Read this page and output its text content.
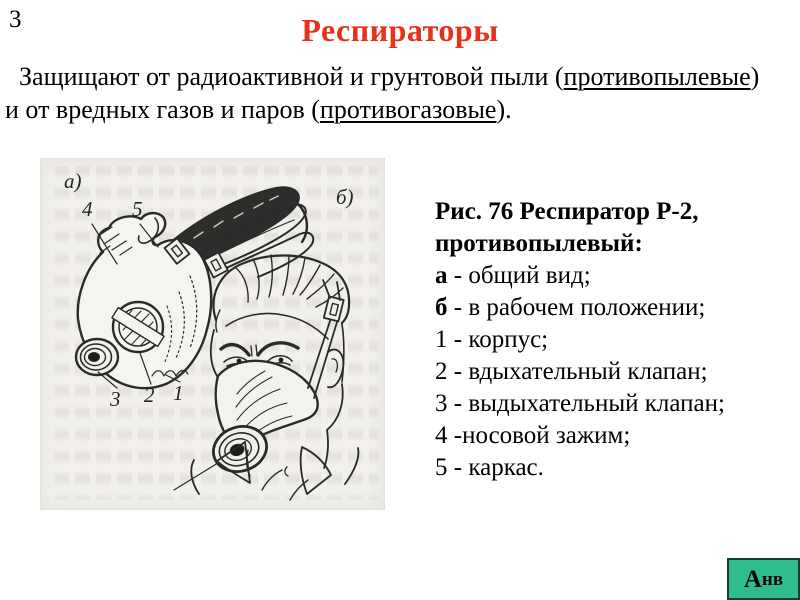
3	Респираторы
Защищают от радиоактивной и грунтовой пыли (противопылевые)
и от вредных газов и паров (противогазовые).
а)
б)
4 5
3 2 1
Рис. 76 Респиратор Р-2,
противопылевый:
а - общий вид;
б - в рабочем положении;
1 - корпус;
2 - вдыхательный клапан;
3 - выдыхательный клапан;
4 -носовой зажим;
5 - каркас.
А нв
